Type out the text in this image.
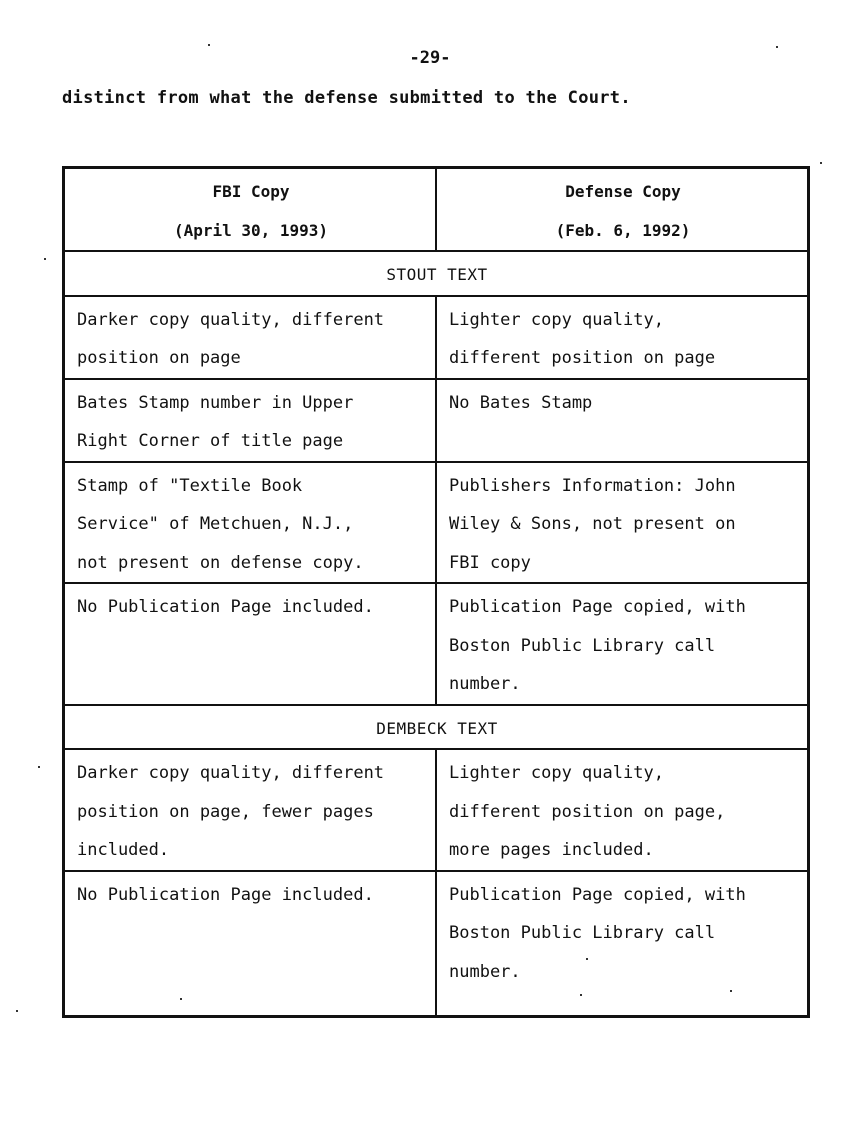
-29-
distinct from what the defense submitted to the Court.
FBI Copy
(April 30, 1993)	Defense Copy
(Feb. 6, 1992)

STOUT TEXT	

Darker copy quality, different
position on page	Lighter copy quality,
different position on page

Bates Stamp number in Upper
Right Corner of title page	No Bates Stamp

Stamp of "Textile Book
Service" of Metchuen, N.J.,
not present on defense copy.	Publishers Information: John
Wiley & Sons, not present on
FBI copy

No Publication Page included.	Publication Page copied, with
Boston Public Library call
number.

DEMBECK TEXT	

Darker copy quality, different
position on page, fewer pages
included.	Lighter copy quality,
different position on page,
more pages included.

No Publication Page included.	Publication Page copied, with
Boston Public Library call
number.
